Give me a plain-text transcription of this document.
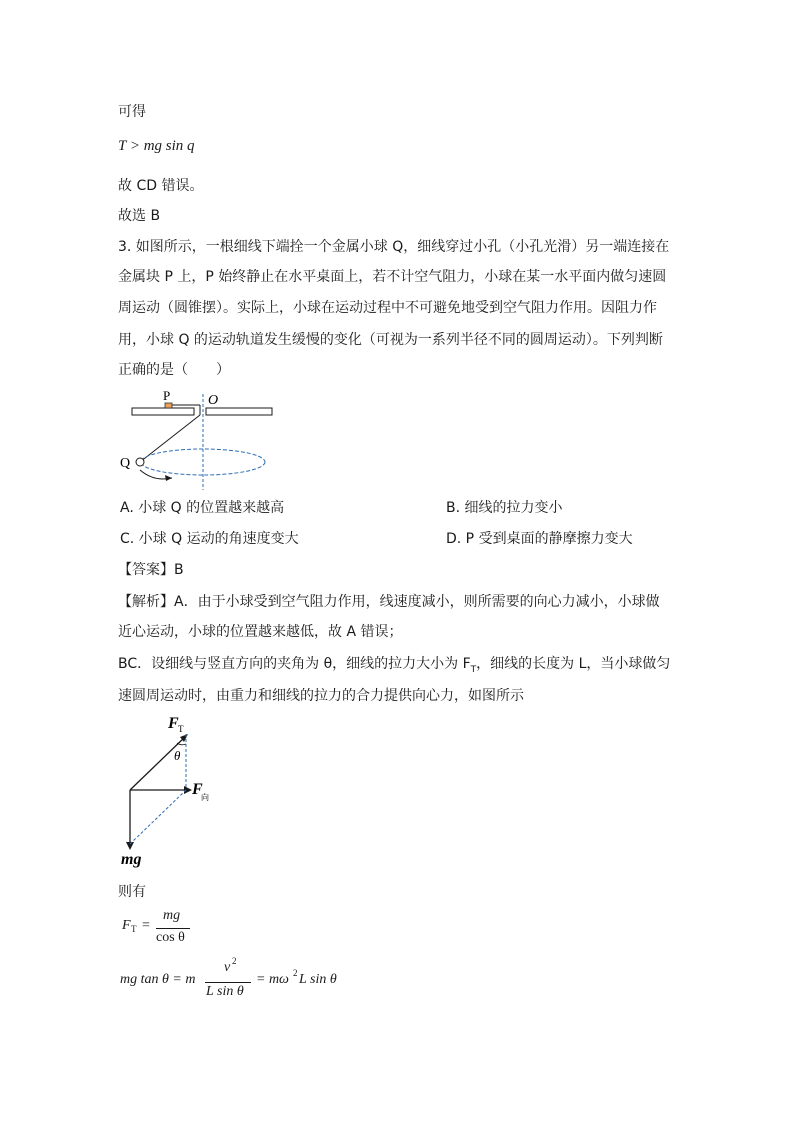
可得
T > mg sin q
故 CD 错误。
故选 B
3. 如图所示，一根细线下端拴一个金属小球 Q，细线穿过小孔（小孔光滑）另一端连接在
金属块 P 上，P 始终静止在水平桌面上，若不计空气阻力，小球在某一水平面内做匀速圆
周运动（圆锥摆）。实际上，小球在运动过程中不可避免地受到空气阻力作用。因阻力作
用，小球 Q 的运动轨道发生缓慢的变化（可视为一系列半径不同的圆周运动）。下列判断
正确的是（　　）
P	O
Q
A. 小球 Q 的位置越来越高	B. 细线的拉力变小
C. 小球 Q 运动的角速度变大	D. P 受到桌面的静摩擦力变大
【答案】B
【解析】A．由于小球受到空气阻力作用，线速度减小，则所需要的向心力减小，小球做
近心运动，小球的位置越来越低，故 A 错误；
BC．设细线与竖直方向的夹角为 θ，细线的拉力大小为 $F_T$，细线的长度为 L，当小球做匀
速圆周运动时，由重力和细线的拉力的合力提供向心力，如图所示
F T
θ
F
向
mg
则有
F T =
mg
cos θ
mg tan θ = m
v 2
L sin θ
= mω 2 L sin θ
